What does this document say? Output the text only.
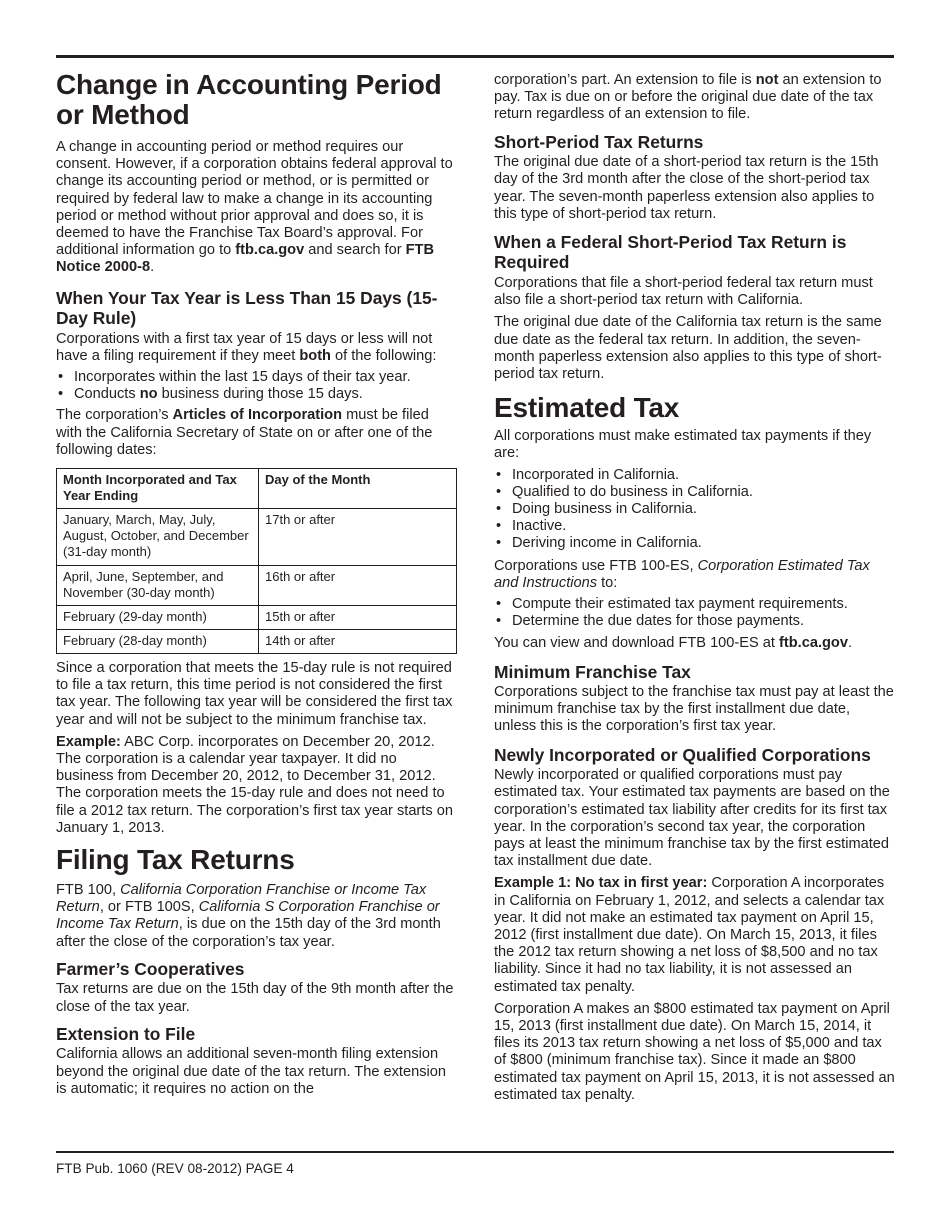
Change in Accounting Period or Method

A change in accounting period or method requires our consent. However, if a corporation obtains federal approval to change its accounting period or method, or is permitted or required by federal law to make a change in its accounting period or method without prior approval and does so, it is deemed to have the Franchise Tax Board’s approval. For additional information go to ftb.ca.gov and search for FTB Notice 2000-8.

When Your Tax Year is Less Than 15 Days (15-Day Rule)

Corporations with a first tax year of 15 days or less will not have a filing requirement if they meet both of the following:

• Incorporates within the last 15 days of their tax year.
• Conducts no business during those 15 days.

The corporation’s Articles of Incorporation must be filed with the California Secretary of State on or after one of the following dates:

Month Incorporated and Tax Year Ending	Day of the Month
January, March, May, July, August, October, and December (31-day month)	17th or after
April, June, September, and November (30-day month)	16th or after
February (29-day month)	15th or after
February (28-day month)	14th or after

Since a corporation that meets the 15-day rule is not required to file a tax return, this time period is not considered the first tax year. The following tax year will be considered the first tax year and will not be subject to the minimum franchise tax.

Example: ABC Corp. incorporates on December 20, 2012. The corporation is a calendar year taxpayer. It did no business from December 20, 2012, to December 31, 2012. The corporation meets the 15-day rule and does not need to file a 2012 tax return. The corporation’s first tax year starts on January 1, 2013.

Filing Tax Returns

FTB 100, California Corporation Franchise or Income Tax Return, or FTB 100S, California S Corporation Franchise or Income Tax Return, is due on the 15th day of the 3rd month after the close of the corporation’s tax year.

Farmer’s Cooperatives

Tax returns are due on the 15th day of the 9th month after the close of the tax year.

Extension to File

California allows an additional seven-month filing extension beyond the original due date of the tax return. The extension is automatic; it requires no action on the

corporation’s part. An extension to file is not an extension to pay. Tax is due on or before the original due date of the tax return regardless of an extension to file.

Short-Period Tax Returns

The original due date of a short-period tax return is the 15th day of the 3rd month after the close of the short-period tax year. The seven-month paperless extension also applies to this type of short-period tax return.

When a Federal Short-Period Tax Return is Required

Corporations that file a short-period federal tax return must also file a short-period tax return with California.

The original due date of the California tax return is the same due date as the federal tax return. In addition, the seven-month paperless extension also applies to this type of short-period tax return.

Estimated Tax

All corporations must make estimated tax payments if they are:

• Incorporated in California.
• Qualified to do business in California.
• Doing business in California.
• Inactive.
• Deriving income in California.

Corporations use FTB 100-ES, Corporation Estimated Tax and Instructions to:

• Compute their estimated tax payment requirements.
• Determine the due dates for those payments.

You can view and download FTB 100-ES at ftb.ca.gov.

Minimum Franchise Tax

Corporations subject to the franchise tax must pay at least the minimum franchise tax by the first installment due date, unless this is the corporation’s first tax year.

Newly Incorporated or Qualified Corporations

Newly incorporated or qualified corporations must pay estimated tax. Your estimated tax payments are based on the corporation’s estimated tax liability after credits for its first tax year. In the corporation’s second tax year, the corporation pays at least the minimum franchise tax by the first estimated tax installment due date.

Example 1: No tax in first year: Corporation A incorporates in California on February 1, 2012, and selects a calendar tax year. It did not make an estimated tax payment on April 15, 2012 (first installment due date). On March 15, 2013, it files the 2012 tax return showing a net loss of $8,500 and no tax liability. Since it had no tax liability, it is not assessed an estimated tax penalty.

Corporation A makes an $800 estimated tax payment on April 15, 2013 (first installment due date). On March 15, 2014, it files its 2013 tax return showing a net loss of $5,000 and tax of $800 (minimum franchise tax). Since it made an $800 estimated tax payment on April 15, 2013, it is not assessed an estimated tax penalty.

FTB Pub. 1060 (REV 08-2012) PAGE 4
